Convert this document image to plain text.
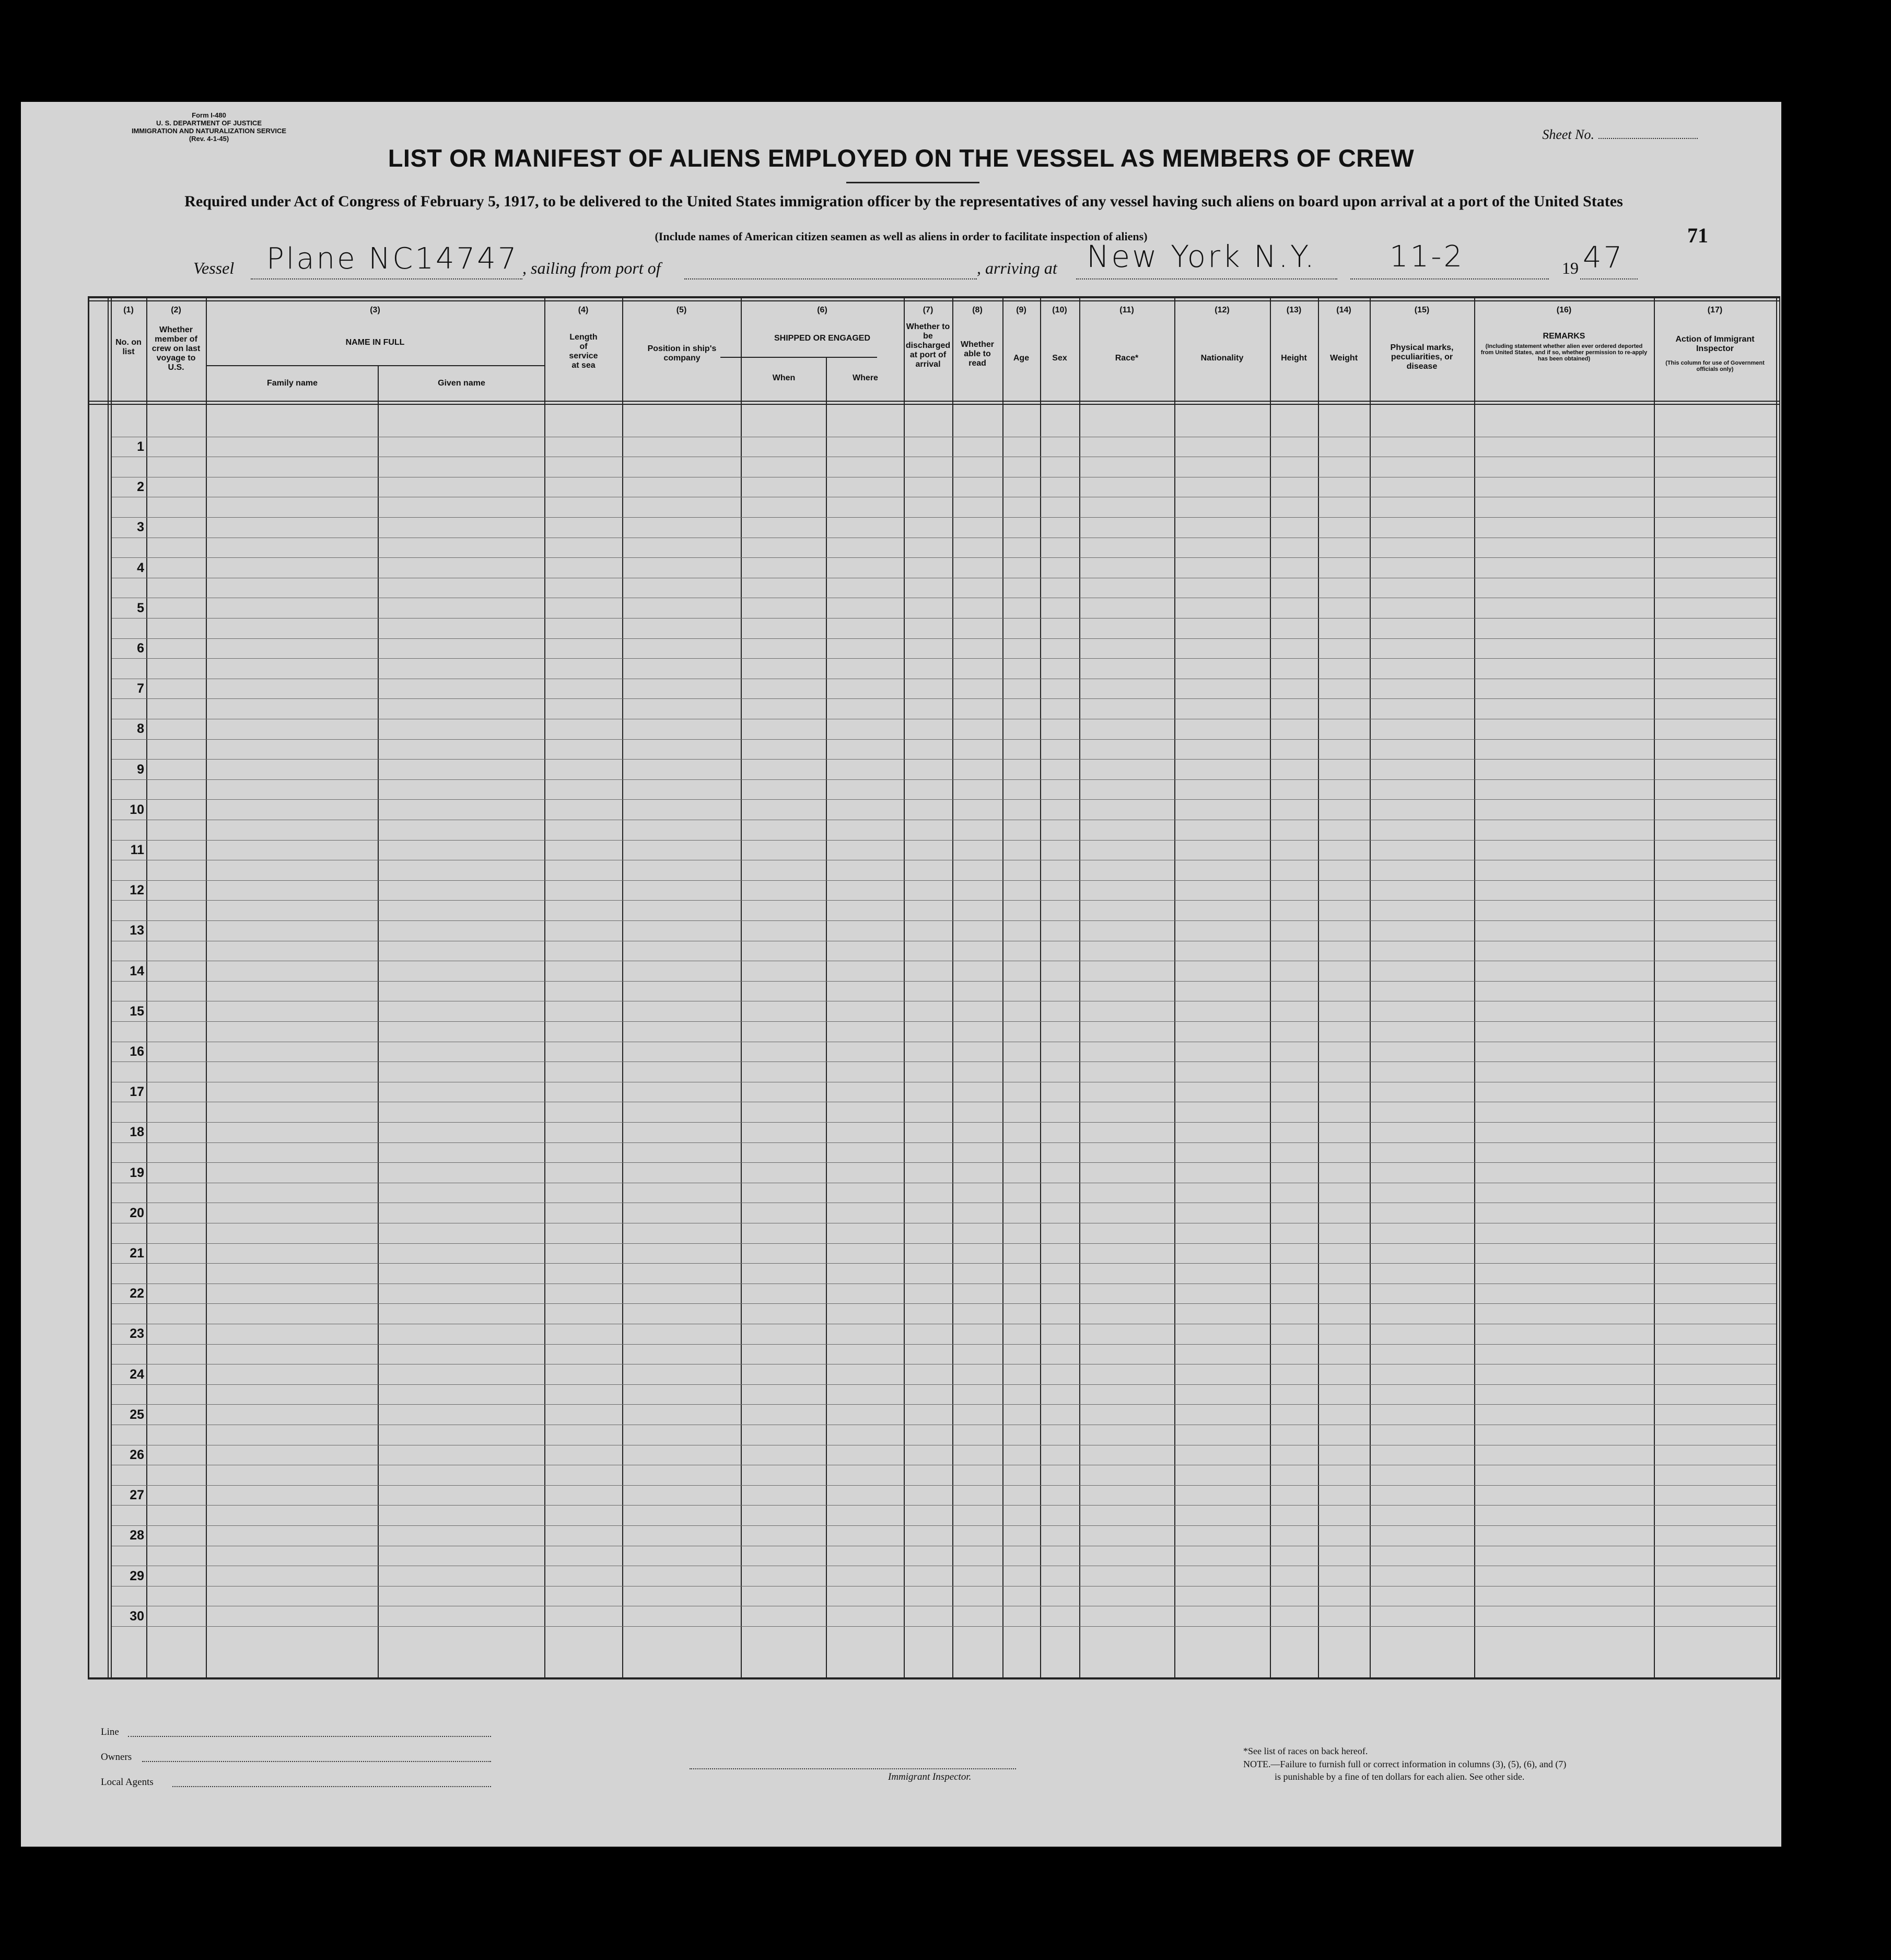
Form I-480
U. S. DEPARTMENT OF JUSTICE
IMMIGRATION AND NATURALIZATION SERVICE
(Rev. 4-1-45)	Sheet No.
LIST OR MANIFEST OF ALIENS EMPLOYED ON THE VESSEL AS MEMBERS OF CREW
Required under Act of Congress of February 5, 1917, to be delivered to the United States immigration officer by the representatives of any vessel having such aliens on board upon arrival at a port of the United States
(Include names of American citizen seamen as well as aliens in order to facilitate inspection of aliens)	71
Vessel Plane NC14747 , sailing from port of	, arriving at New York N.Y.	11-2	19 47
(1)	(2)	(3)	(4)	(5)	(6)	(7)	(8)	(9)	(10)	(11)	(12)	(13)	(14)	(15)	(16)	(17)
No. on list
Whether member of crew on last voyage to U.S.
NAME IN FULL
Family name	Given name
Length of service at sea
Position in ship's company
SHIPPED OR ENGAGED
When	Where
Whether to be discharged at port of arrival
Whether able to read
Age	Sex	Race*	Nationality	Height	Weight
Physical marks, peculiarities, or disease
REMARKS
(Including statement whether alien ever ordered deported from United States, and if so, whether permission to re-apply has been obtained)
Action of Immigrant Inspector
(This column for use of Government officials only)
1
2
3
4
5
6
7
8
9
10
11
12
13
14
15
16
17
18
19
20
21
22
23
24
25
26
27
28
29
30
Line
Owners
Local Agents	Immigrant Inspector.
*See list of races on back hereof.
NOTE.—Failure to furnish full or correct information in columns (3), (5), (6), and (7)
is punishable by a fine of ten dollars for each alien. See other side.
